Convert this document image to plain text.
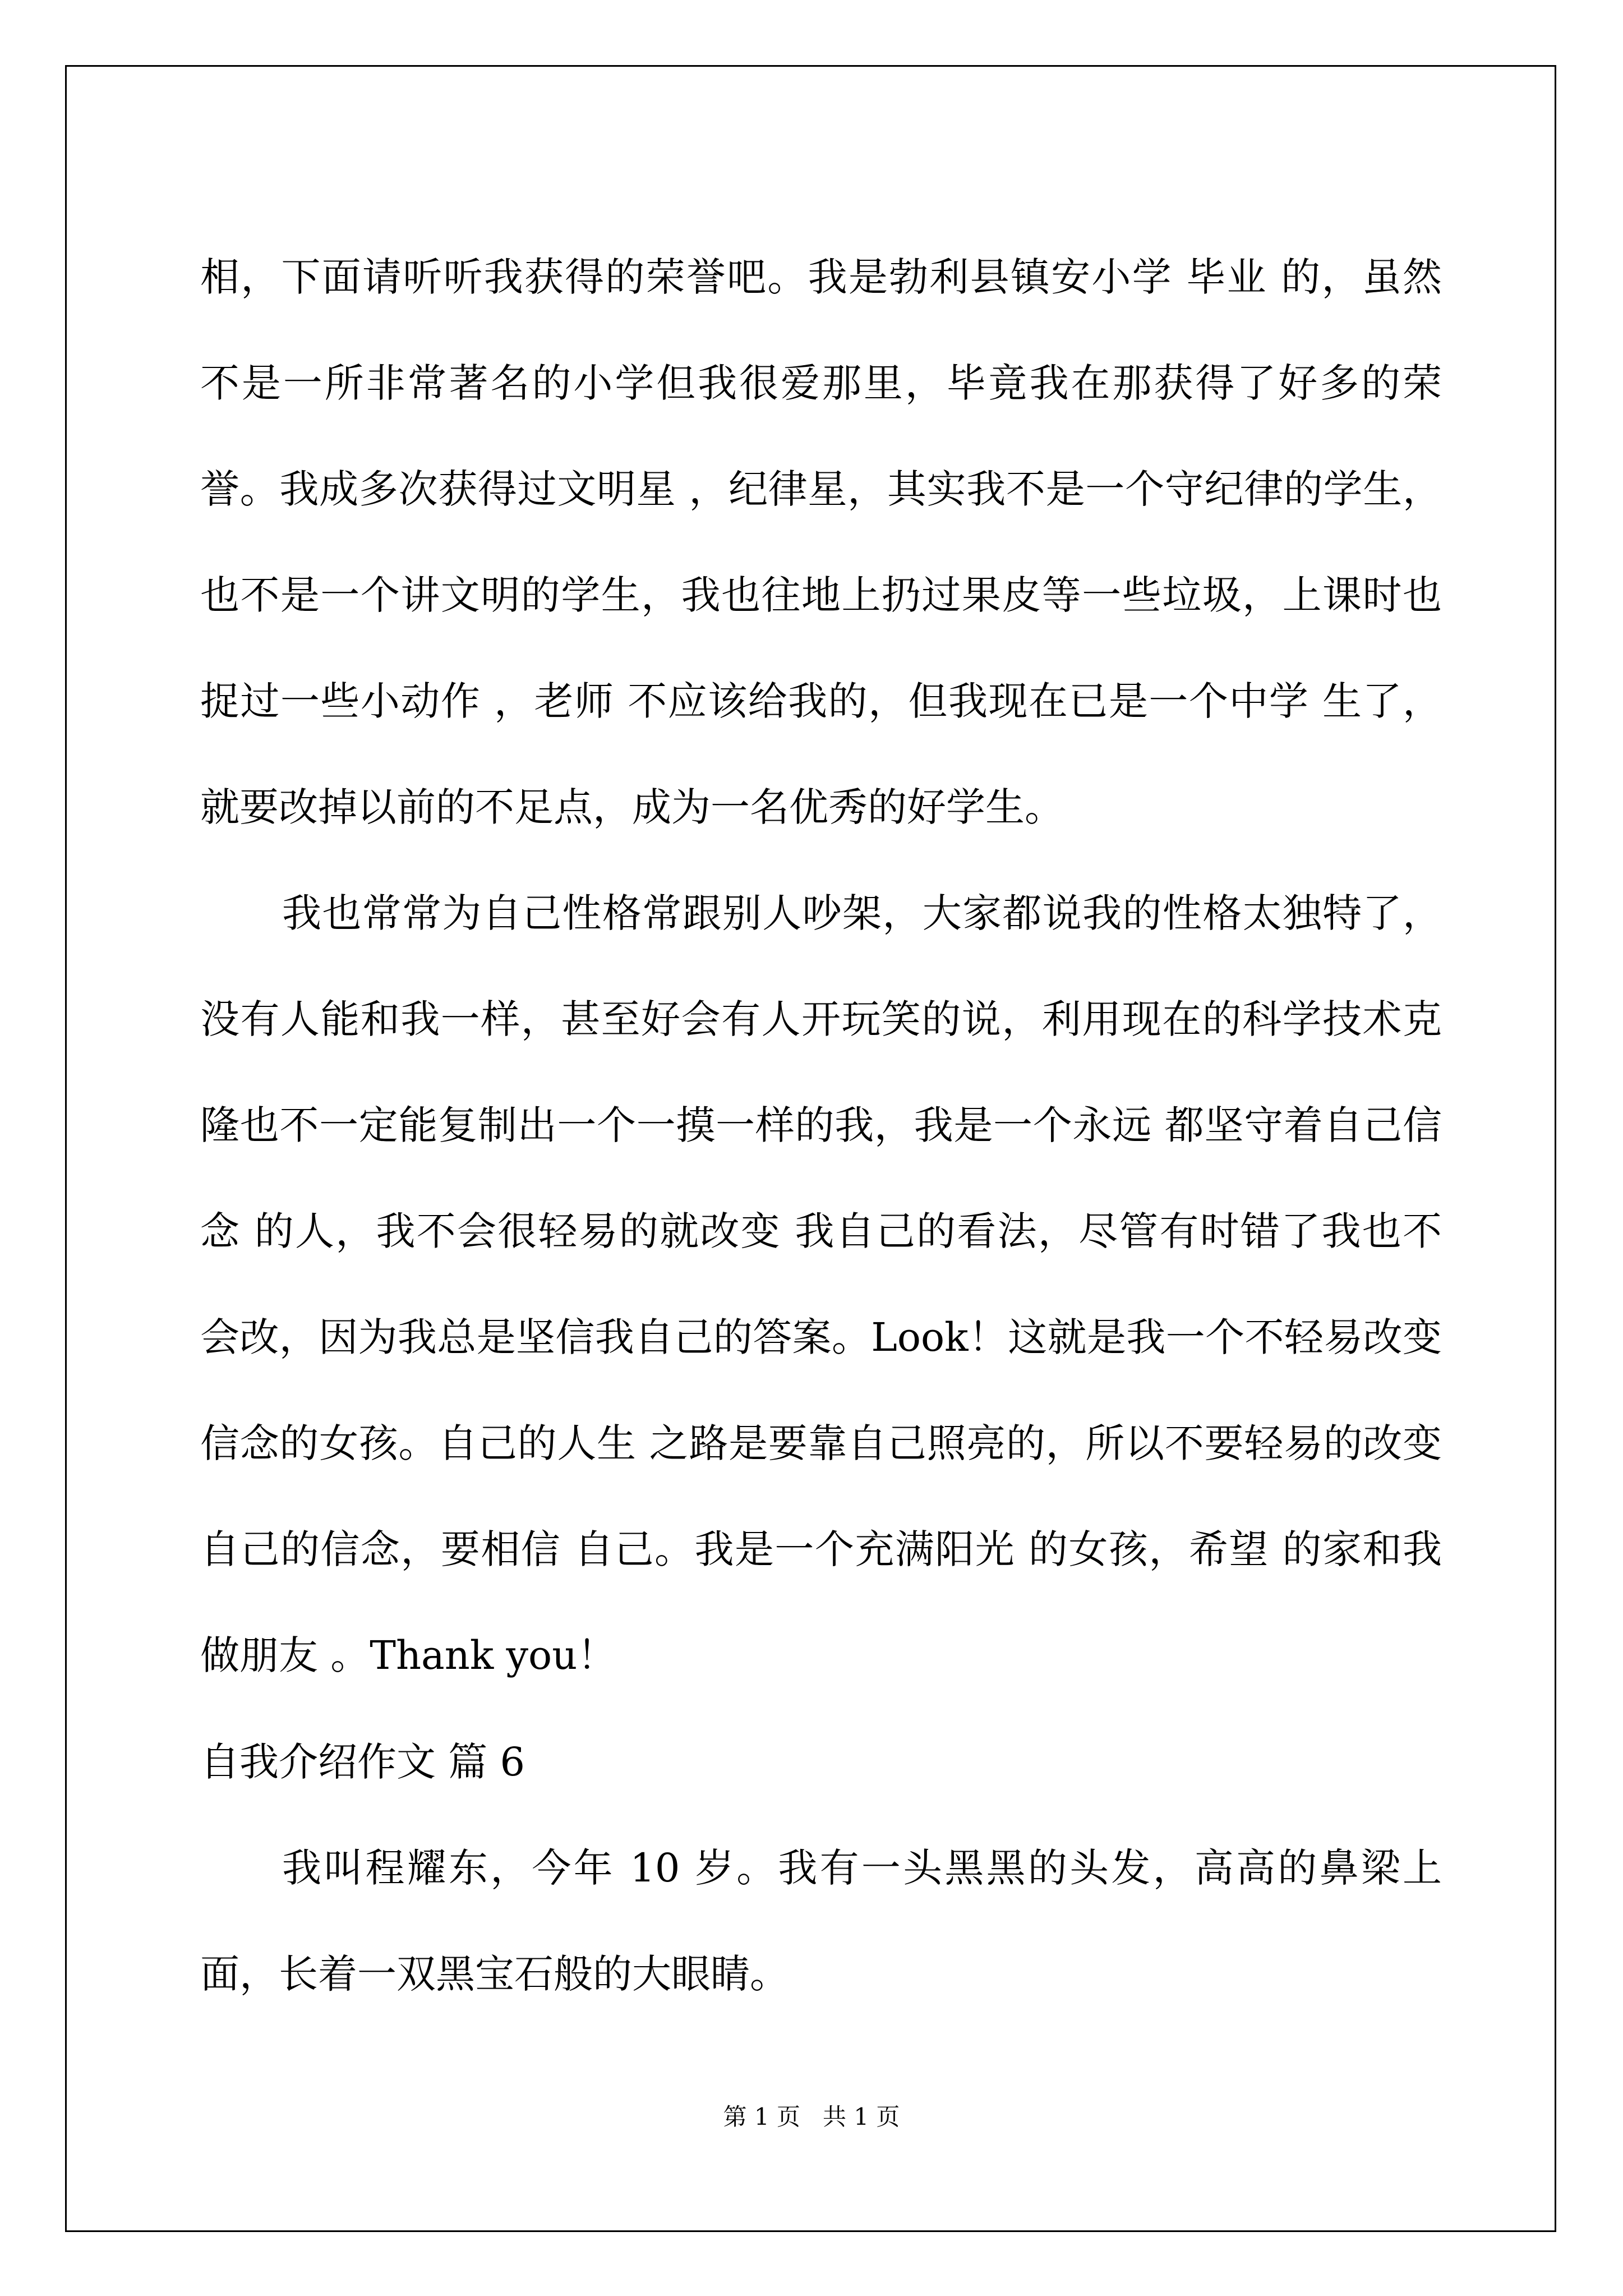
相，下面请听听我获得的荣誉吧。我是勃利县镇安小学 毕业 的，虽然不是一所非常著名的小学但我很爱那里，毕竟我在那获得了好多的荣誉。我成多次获得过文明星 ，纪律星，其实我不是一个守纪律的学生，也不是一个讲文明的学生，我也往地上扔过果皮等一些垃圾，上课时也捉过一些小动作 ，老师 不应该给我的，但我现在已是一个中学 生了，就要改掉以前的不足点，成为一名优秀的好学生。

我也常常为自己性格常跟别人吵架，大家都说我的性格太独特了，没有人能和我一样，甚至好会有人开玩笑的说，利用现在的科学技术克隆也不一定能复制出一个一摸一样的我，我是一个永远 都坚守着自己信念 的人，我不会很轻易的就改变 我自己的看法，尽管有时错了我也不会改，因为我总是坚信我自己的答案。Look！这就是我一个不轻易改变信念的女孩。自己的人生 之路是要靠自己照亮的，所以不要轻易的改变自己的信念，要相信 自己。我是一个充满阳光 的女孩，希望 的家和我做朋友 。Thank you！

自我介绍作文 篇 6

我叫程耀东，今年 10 岁。我有一头黑黑的头发，高高的鼻梁上面，长着一双黑宝石般的大眼睛。

第 1 页 共 1 页
